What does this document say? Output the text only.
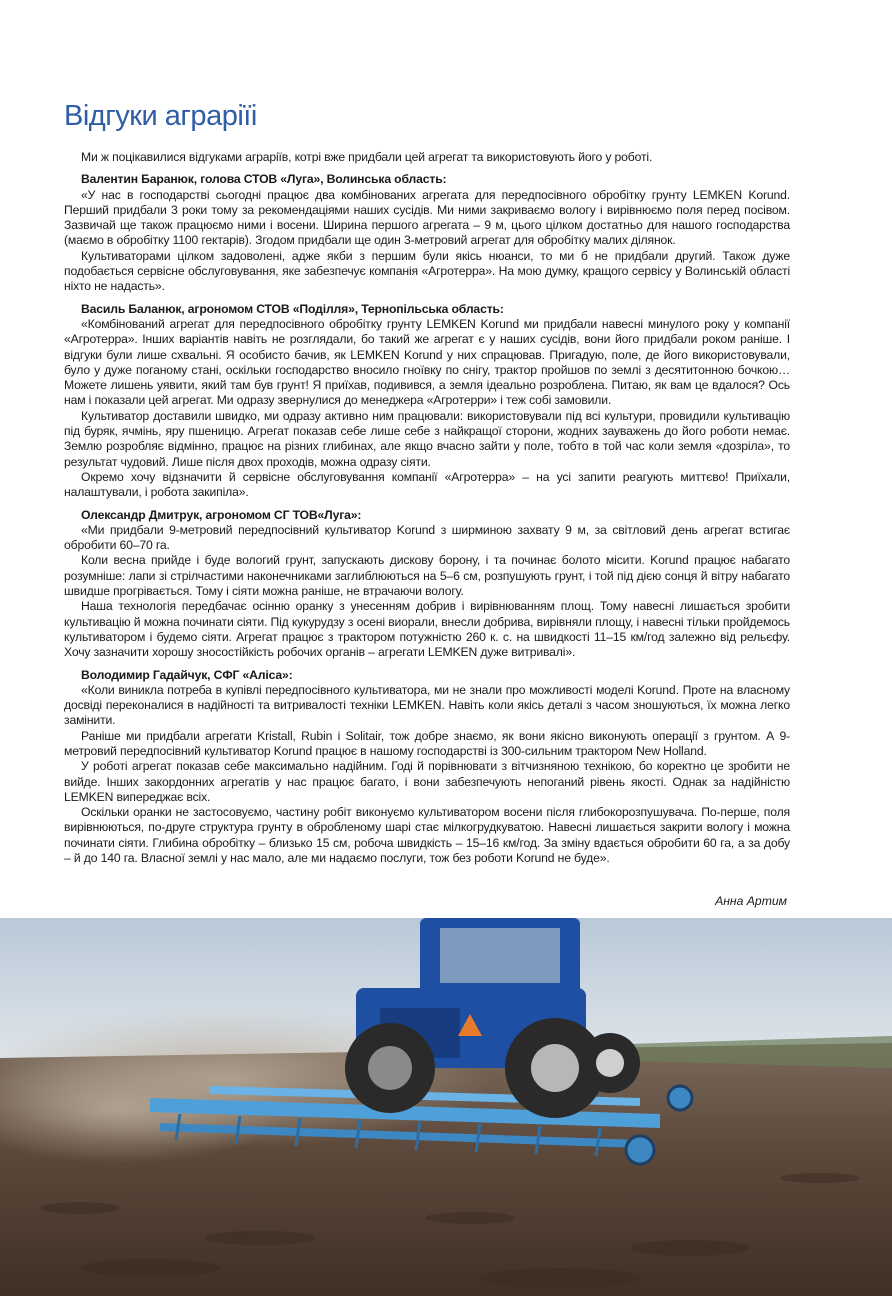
Відгуки аграріїі

Ми ж поцікавилися відгуками аграріїв, котрі вже придбали цей агрегат та використовують його у роботі.

Валентин Баранюк, голова СТОВ «Луга», Волинська область:

«У нас в господарстві сьогодні працює два комбінованих агрегата для передпосівного обробітку грунту LEMKEN Korund. Перший придбали 3 роки тому за рекомендаціями наших сусідів. Ми ними закриваємо вологу і вирівнюємо поля перед посівом. Зазвичай ще також працюємо ними і восени. Ширина першого агрегата – 9 м, цього цілком достатньо для нашого господарства (маємо в обробітку 1100 гектарів). Згодом придбали ще один 3-метровий агрегат для обробітку малих ділянок.

Культиваторами цілком задоволені, адже якби з першим були якісь нюанси, то ми б не придбали другий. Також дуже подобається сервісне обслуговування, яке забезпечує компанія «Агротерра». На мою думку, кращого сервісу у Волинській області ніхто не надасть».

Василь Баланюк, агрономом СТОВ «Поділля», Тернопільська область:

«Комбінований агрегат для передпосівного обробітку грунту LEMKEN Korund ми придбали навесні минулого року у компанії «Агротерра». Інших варіантів навіть не розглядали, бо такий же агрегат є у наших сусідів, вони його придбали роком раніше. І відгуки були лише схвальні. Я особисто бачив, як LEMKEN Korund у них спрацював. Пригадую, поле, де його використовували, було у дуже поганому стані, оскільки господарство вносило гноївку по снігу, трактор пройшов по землі з десятитонною бочкою… Можете лишень уявити, який там був грунт! Я приїхав, подивився, а земля ідеально розроблена. Питаю, як вам це вдалося? Ось нам і показали цей агрегат. Ми одразу звернулися до менеджера «Агротерри» і теж собі замовили.

Культиватор доставили швидко, ми одразу активно ним працювали: використовували під всі культури, провидили культивацію під буряк, ячмінь, яру пшеницю. Агрегат показав себе лише себе з найкращої сторони, жодних зауважень до його роботи немає. Землю розробляє відмінно, працює на різних глибинах, але якщо вчасно зайти у поле, тобто в той час коли земля «дозріла», то результат чудовий. Лише після двох проходів, можна одразу сіяти.

Окремо хочу відзначити й сервісне обслуговування компанії «Агротерра» – на усі запити реагують миттєво! Приїхали, налаштували, і робота закипіла».

Олександр Дмитрук, агрономом СГ ТОВ«Луга»:

«Ми придбали 9-метровий передпосівний культиватор Korund з ширминою захвату 9 м, за світловий день агрегат встигає обробити 60–70 га.

Коли весна прийде і буде вологий грунт, запускають дискову борону, і та починає болото місити. Korund працює набагато розумніше: лапи зі стрілчастими наконечниками заглиблюються на 5–6 см, розпушують грунт, і той під дією сонця й вітру набагато швидше прогрівається. Тому і сіяти можна раніше, не втрачаючи вологу.

Наша технологія передбачає осінню оранку з унесенням добрив і вирівнюванням площ. Тому навесні лишається зробити культивацію й можна починати сіяти. Під кукурудзу з осені виорали, внесли добрива, вирівняли площу, і навесні тільки пройдемось культиватором і будемо сіяти. Агрегат працює з трактором потужністю 260 к. с. на швидкості 11–15 км/год залежно від рельєфу. Хочу зазначити хорошу зносостійкість робочих органів – агрегати LEMKEN дуже витривалі».

Володимир Гадайчук, СФГ «Аліса»:

«Коли виникла потреба в купівлі передпосівного культиватора, ми не знали про можливості моделі Korund. Проте на власному досвіді переконалися в надійності та витривалості техніки LEMKEN. Навіть коли якісь деталі з часом зношуються, їх можна легко замінити.

Раніше ми придбали агрегати Kristall, Rubin і Solitair, тож добре знаємо, як вони якісно виконують операції з грунтом. А 9-метровий передпосівний культиватор Korund працює в нашому господарстві із 300-сильним трактором New Holland.

У роботі агрегат показав себе максимально надійним. Годі й порівнювати з вітчизняною технікою, бо коректно це зробити не вийде. Інших закордонних агрегатів у нас працює багато, і вони забезпечують непоганий рівень якості. Однак за надійністю LEMKEN випереджає всіх.

Оскільки оранки не застосовуємо, частину робіт виконуємо культиватором восени після глибокорозпушувача. По-перше, поля вирівнюються, по-друге структура грунту в обробленому шарі стає мілкогрудкуватою. Навесні лишається закрити вологу і можна починати сіяти. Глибина обробітку – близько 15 см, робоча швидкість – 15–16 км/год. За зміну вдається обробити 60 га, а за добу – й до 140 га. Власної землі у нас мало, але ми надаємо послуги, тож без роботи Korund не буде».

Анна Артим
